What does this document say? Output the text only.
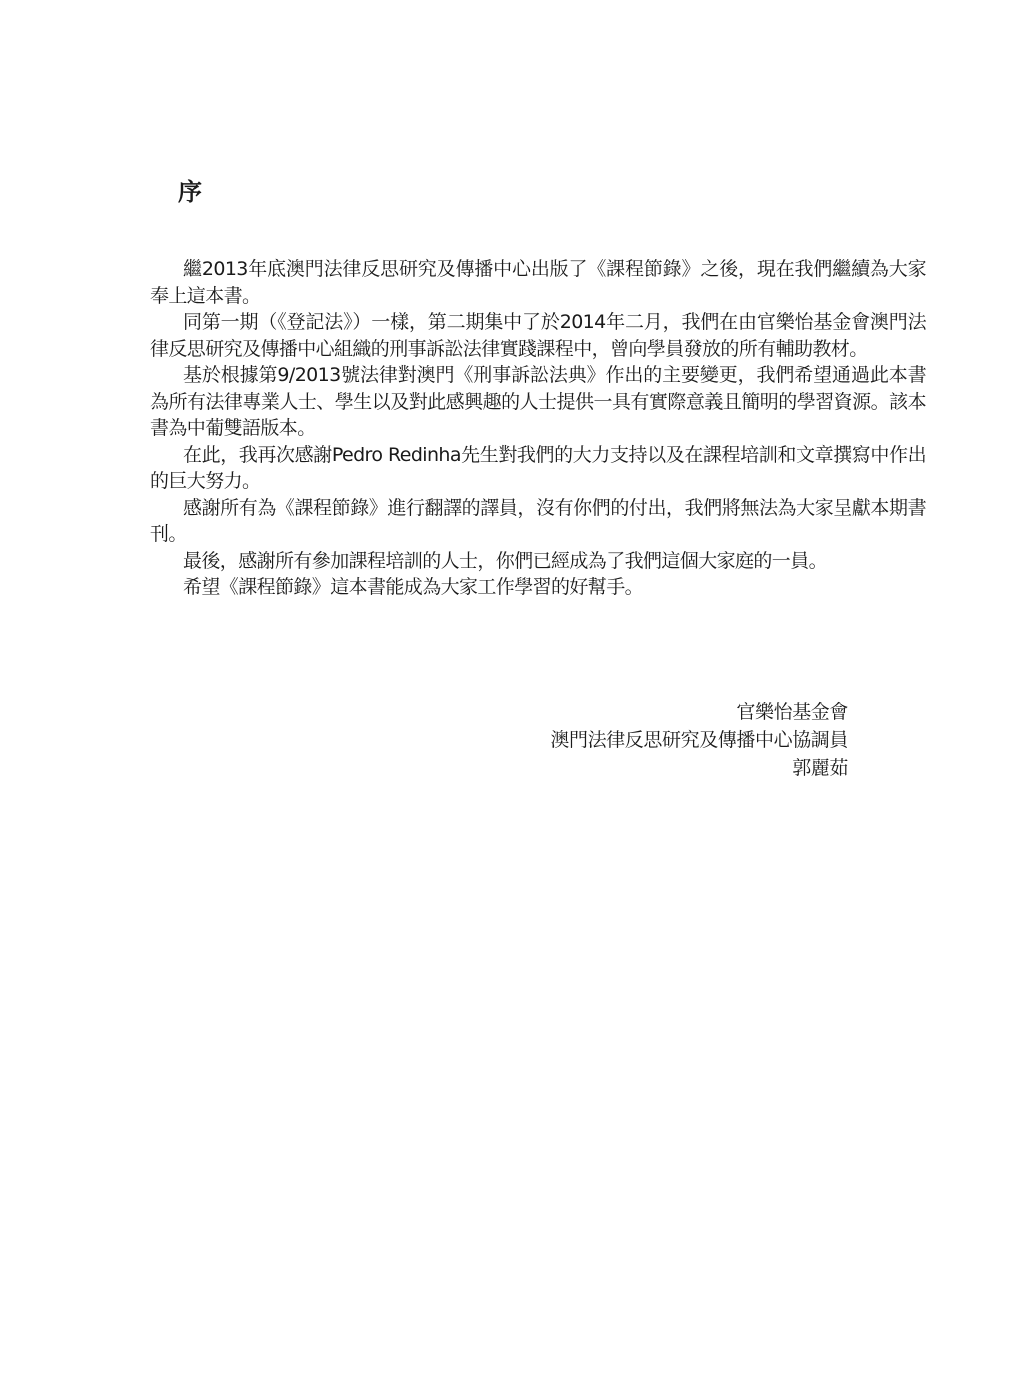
序

繼2013年底澳門法律反思研究及傳播中心出版了《課程節錄》之後，現在我們繼續為大家奉上這本書。

同第一期（《登記法》）一樣，第二期集中了於2014年二月，我們在由官樂怡基金會澳門法律反思研究及傳播中心組織的刑事訴訟法律實踐課程中，曾向學員發放的所有輔助教材。

基於根據第9/2013號法律對澳門《刑事訴訟法典》作出的主要變更，我們希望通過此本書為所有法律專業人士、學生以及對此感興趣的人士提供一具有實際意義且簡明的學習資源。該本書為中葡雙語版本。

在此，我再次感謝Pedro Redinha先生對我們的大力支持以及在課程培訓和文章撰寫中作出的巨大努力。

感謝所有為《課程節錄》進行翻譯的譯員，沒有你們的付出，我們將無法為大家呈獻本期書刊。

最後，感謝所有參加課程培訓的人士，你們已經成為了我們這個大家庭的一員。

希望《課程節錄》這本書能成為大家工作學習的好幫手。

官樂怡基金會
澳門法律反思研究及傳播中心協調員
郭麗茹
